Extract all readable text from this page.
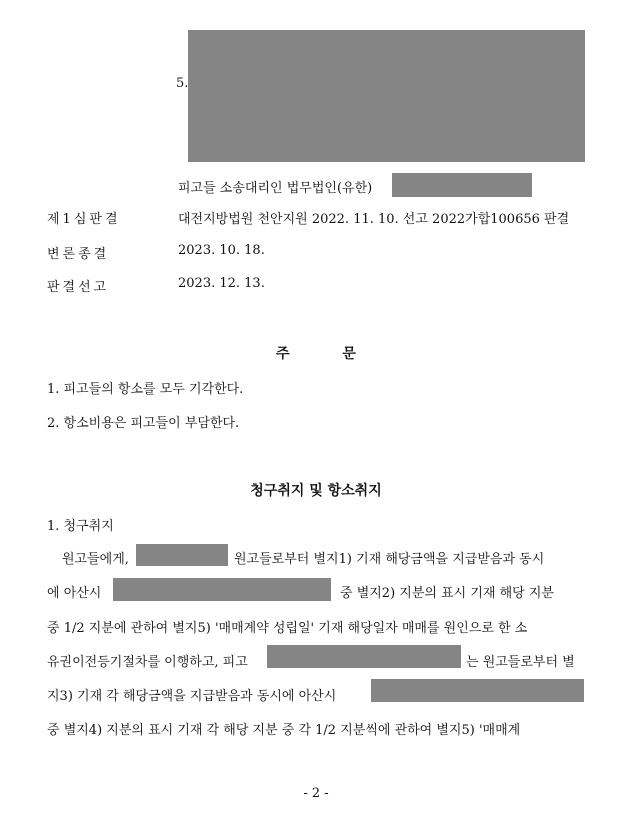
5.
피고들 소송대리인 법무법인(유한)
제1심판결	대전지방법원 천안지원 2022. 11. 10. 선고 2022가합100656 판결
변론종결	2023. 10. 18.
판결선고	2023. 12. 13.
주 문
1. 피고들의 항소를 모두 기각한다.
2. 항소비용은 피고들이 부담한다.
청구취지 및 항소취지
1. 청구취지
원고들에게,	원고들로부터 별지1) 기재 해당금액을 지급받음과 동시
에 아산시	중 별지2) 지분의 표시 기재 해당 지분
중 1/2 지분에 관하여 별지5) '매매계약 성립일' 기재 해당일자 매매를 원인으로 한 소
유권이전등기절차를 이행하고, 피고	는 원고들로부터 별
지3) 기재 각 해당금액을 지급받음과 동시에 아산시
중 별지4) 지분의 표시 기재 각 해당 지분 중 각 1/2 지분씩에 관하여 별지5) '매매계
- 2 -
